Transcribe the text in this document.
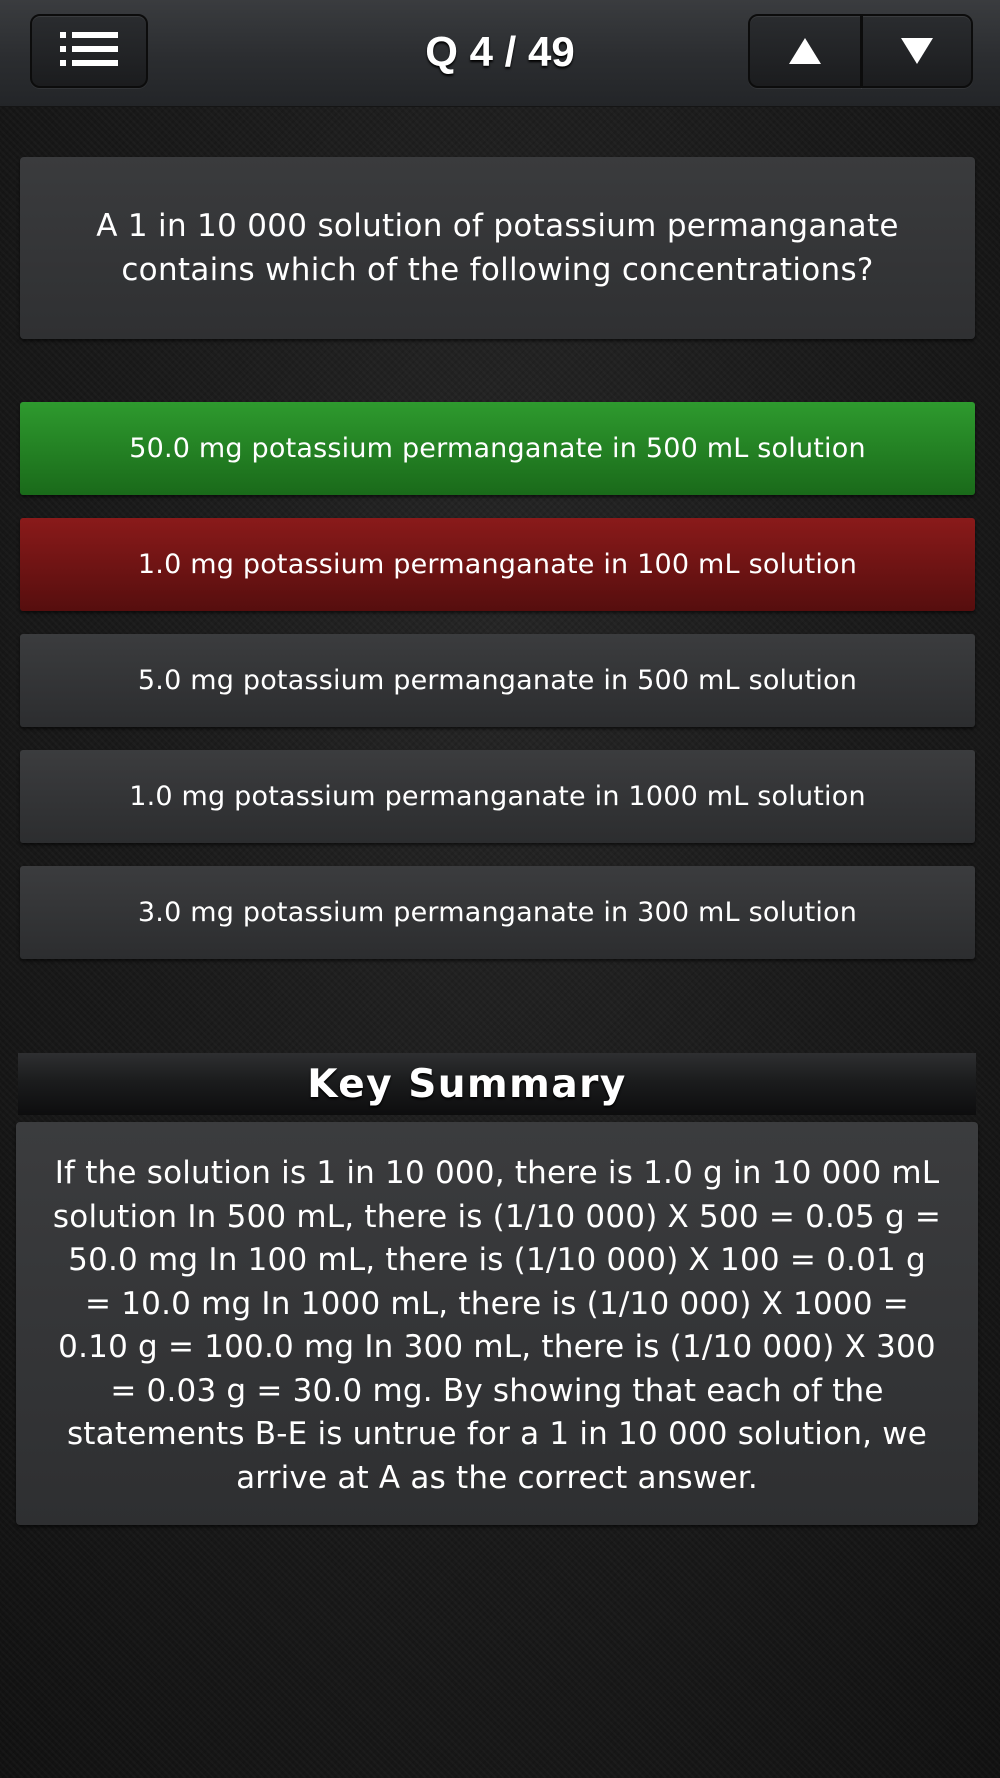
Q 4 / 49
A 1 in 10 000 solution of potassium permanganate contains which of the following concentrations?
50.0 mg potassium permanganate in 500 mL solution
1.0 mg potassium permanganate in 100 mL solution
5.0 mg potassium permanganate in 500 mL solution
1.0 mg potassium permanganate in 1000 mL solution
3.0 mg potassium permanganate in 300 mL solution
Key Summary
If the solution is 1 in 10 000, there is 1.0 g in 10 000 mL solution In 500 mL, there is (1/10 000) X 500 = 0.05 g = 50.0 mg In 100 mL, there is (1/10 000) X 100 = 0.01 g = 10.0 mg In 1000 mL, there is (1/10 000) X 1000 = 0.10 g = 100.0 mg In 300 mL, there is (1/10 000) X 300 = 0.03 g = 30.0 mg. By showing that each of the statements B-E is untrue for a 1 in 10 000 solution, we arrive at A as the correct answer.
